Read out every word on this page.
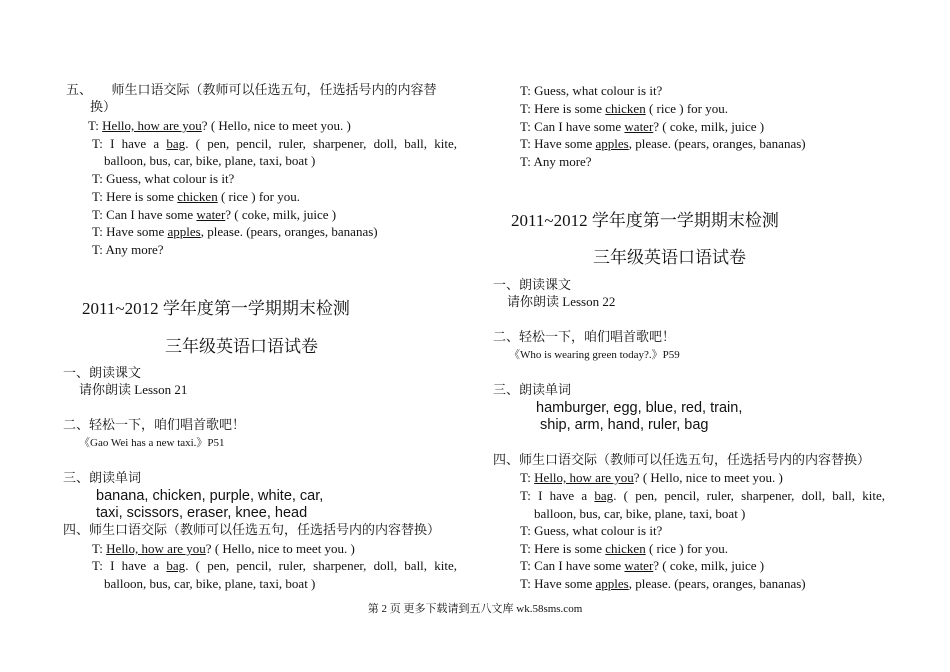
五、      师生口语交际（教师可以任选五句，任选括号内的内容替
换）
T: Hello, how are you? ( Hello, nice to meet you. )
T: I have a bag. ( pen, pencil, ruler, sharpener, doll, ball, kite,
balloon, bus, car, bike, plane, taxi, boat )
T: Guess, what colour is it?
T: Here is some chicken ( rice ) for you.
T: Can I have some water? ( coke, milk, juice )
T: Have some apples, please. (pears, oranges, bananas)
T: Any more?
2011~2012 学年度第一学期期末检测
三年级英语口语试卷
一、朗读课文
请你朗读 Lesson 21
二、轻松一下，咱们唱首歌吧！
《Gao Wei has a new taxi.》P51
三、朗读单词
banana, chicken, purple, white, car,
taxi, scissors, eraser, knee, head
四、师生口语交际（教师可以任选五句，任选括号内的内容替换）
T: Hello, how are you? ( Hello, nice to meet you. )
T: I have a bag. ( pen, pencil, ruler, sharpener, doll, ball, kite,
balloon, bus, car, bike, plane, taxi, boat )
T: Guess, what colour is it?
T: Here is some chicken ( rice ) for you.
T: Can I have some water? ( coke, milk, juice )
T: Have some apples, please. (pears, oranges, bananas)
T: Any more?
2011~2012 学年度第一学期期末检测
三年级英语口语试卷
一、朗读课文
请你朗读 Lesson 22
二、轻松一下，咱们唱首歌吧！
《Who is wearing green today?.》P59
三、朗读单词
hamburger, egg, blue, red, train,
ship, arm, hand, ruler, bag
四、师生口语交际（教师可以任选五句，任选括号内的内容替换）
T: Hello, how are you? ( Hello, nice to meet you. )
T: I have a bag. ( pen, pencil, ruler, sharpener, doll, ball, kite,
balloon, bus, car, bike, plane, taxi, boat )
T: Guess, what colour is it?
T: Here is some chicken ( rice ) for you.
T: Can I have some water? ( coke, milk, juice )
T: Have some apples, please. (pears, oranges, bananas)
第 2 页 更多下载请到五八文库 wk.58sms.com
